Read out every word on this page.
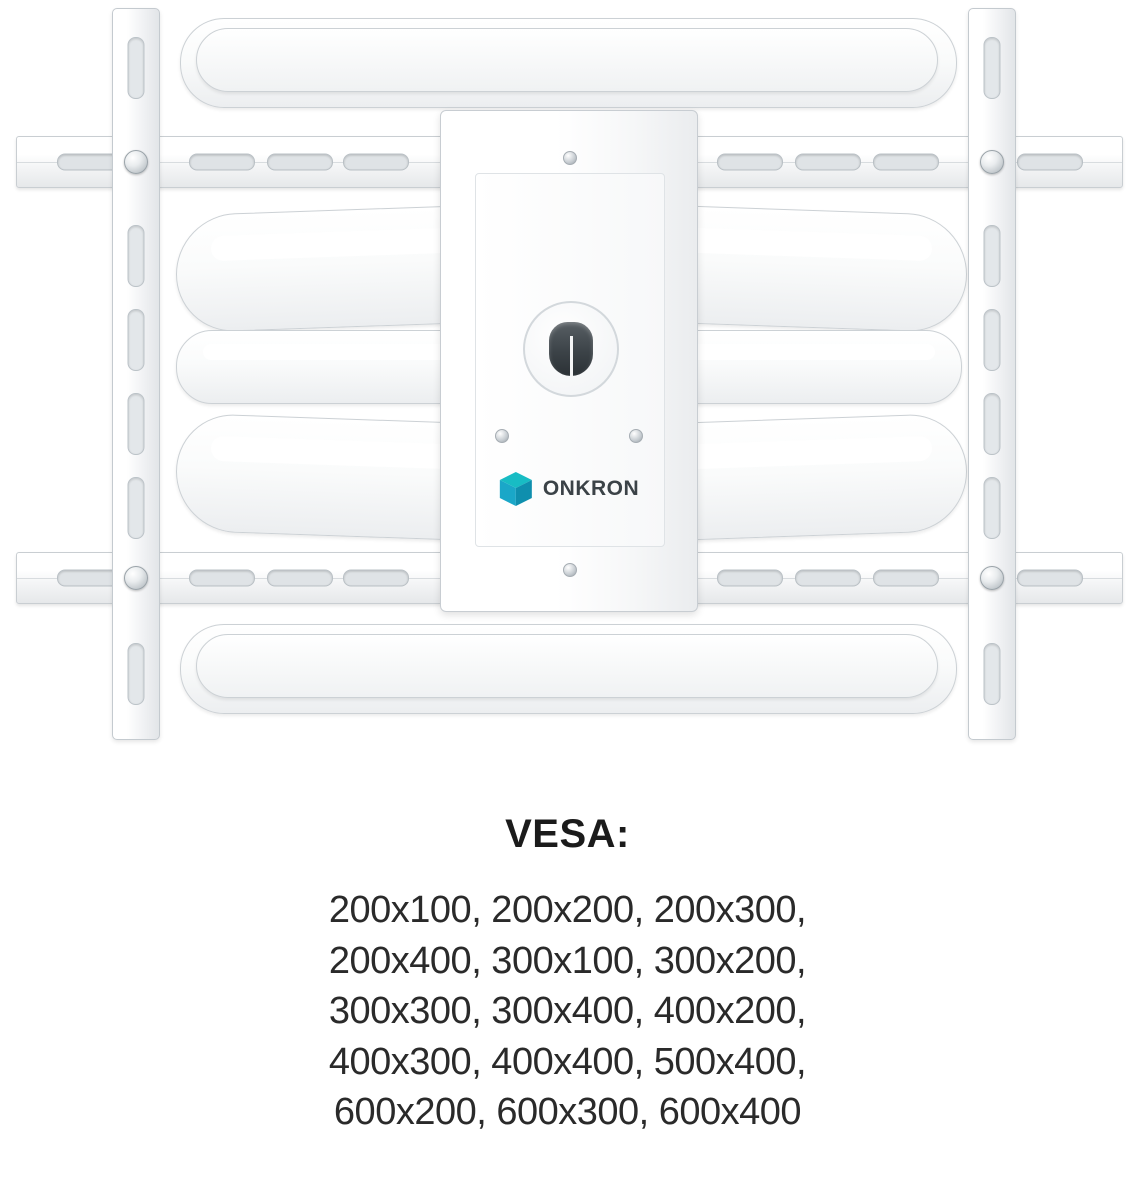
ONKRON
VESA:
200x100, 200x200, 200x300,
200x400, 300x100, 300x200,
300x300, 300x400, 400x200,
400x300, 400x400, 500x400,
600x200, 600x300, 600x400
